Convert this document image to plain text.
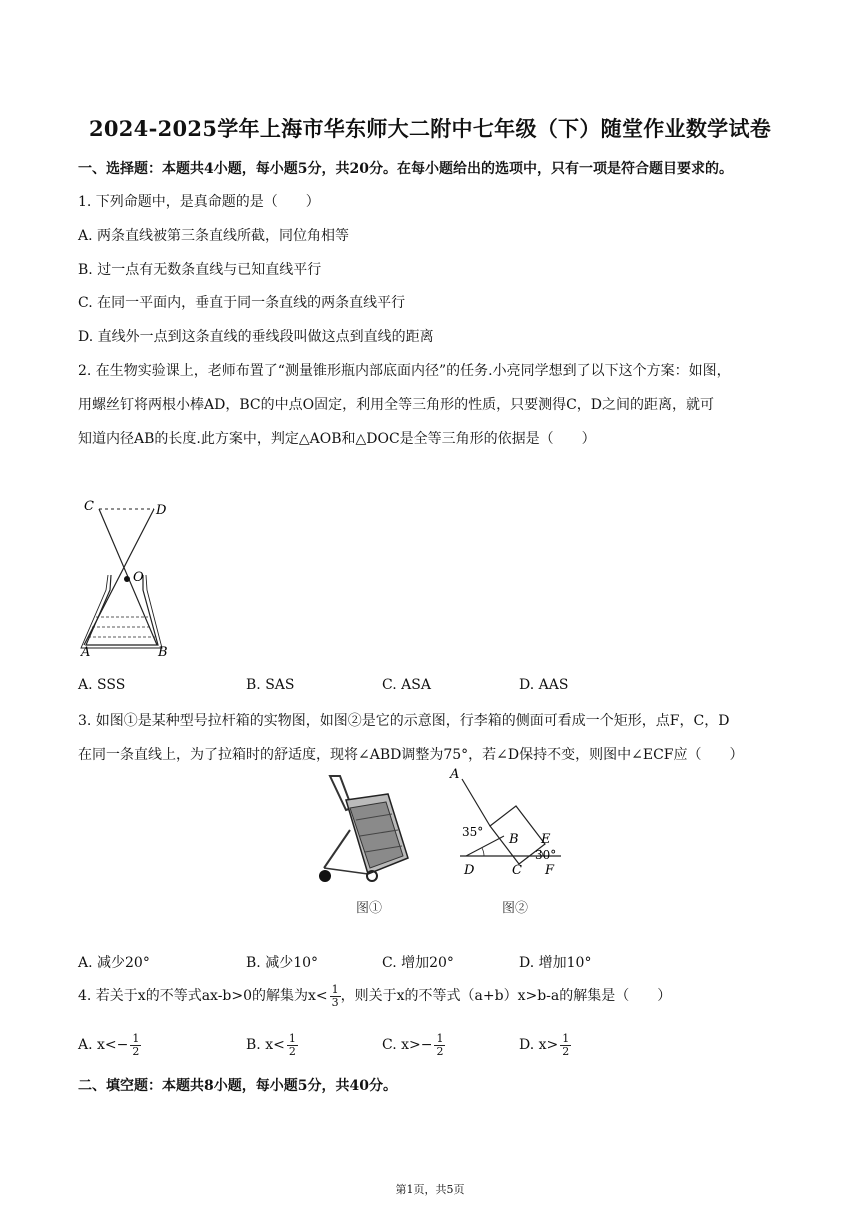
2024-2025学年上海市华东师大二附中七年级（下）随堂作业数学试卷
一、选择题：本题共4小题，每小题5分，共20分。在每小题给出的选项中，只有一项是符合题目要求的。
1. 下列命题中，是真命题的是（　　）
A. 两条直线被第三条直线所截，同位角相等
B. 过一点有无数条直线与已知直线平行
C. 在同一平面内，垂直于同一条直线的两条直线平行
D. 直线外一点到这条直线的垂线段叫做这点到直线的距离
2. 在生物实验课上，老师布置了“测量锥形瓶内部底面内径”的任务.小亮同学想到了以下这个方案：如图，
用螺丝钉将两根小棒AD，BC的中点O固定，利用全等三角形的性质，只要测得C，D之间的距离，就可
知道内径AB的长度.此方案中，判定△AOB和△DOC是全等三角形的依据是（　　）
C	D
O
A	B
A. SSS	B. SAS	C. ASA	D. AAS
3. 如图①是某种型号拉杆箱的实物图，如图②是它的示意图，行李箱的侧面可看成一个矩形，点F，C，D
在同一条直线上，为了拉箱时的舒适度，现将∠ABD调整为75°，若∠D保持不变，则图中∠ECF应（　　）
图①
A
35° B E
30°
D	C F
图②
A. 减少20°	B. 减少10°	C. 增加20°	D. 增加10°
4. 若关于x的不等式ax-b>0的解集为$x< \frac{1}{3}$ ，则关于x的不等式（a+b）x>b-a的解集是（　　）
A. $x<- \frac{1}{2}$	B. $x< \frac{1}{2}$	C. $x>- \frac{1}{2}$	D. $x> \frac{1}{2}$
二、填空题：本题共8小题，每小题5分，共40分。
第1页，共5页
